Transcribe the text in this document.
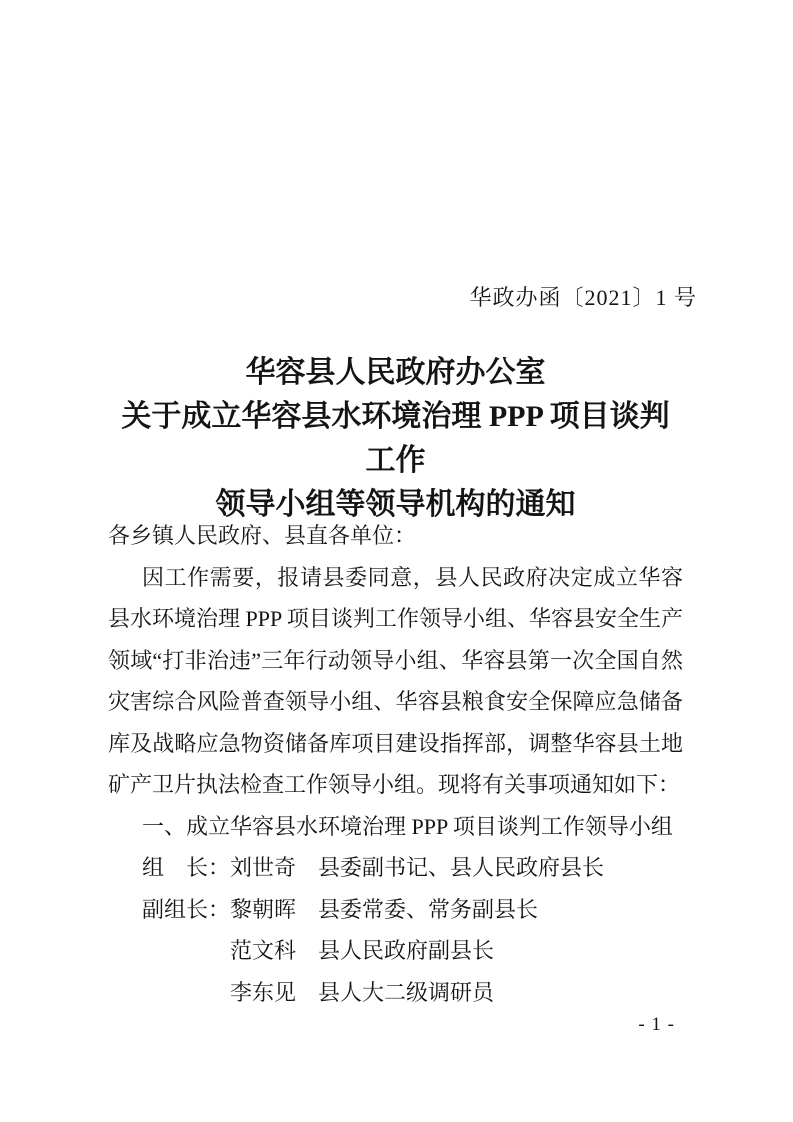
华政办函〔2021〕1 号
华容县人民政府办公室
关于成立华容县水环境治理 PPP 项目谈判工作
领导小组等领导机构的通知
各乡镇人民政府、县直各单位：
因工作需要，报请县委同意，县人民政府决定成立华容县水环境治理 PPP 项目谈判工作领导小组、华容县安全生产领域“打非治违”三年行动领导小组、华容县第一次全国自然灾害综合风险普查领导小组、华容县粮食安全保障应急储备库及战略应急物资储备库项目建设指挥部，调整华容县土地矿产卫片执法检查工作领导小组。现将有关事项通知如下：
一、成立华容县水环境治理 PPP 项目谈判工作领导小组
组　长：刘世奇 县委副书记、县人民政府县长
副组长：黎朝晖 县委常委、常务副县长
　　　　范文科 县人民政府副县长
　　　　李东见 县人大二级调研员
- 1 -
